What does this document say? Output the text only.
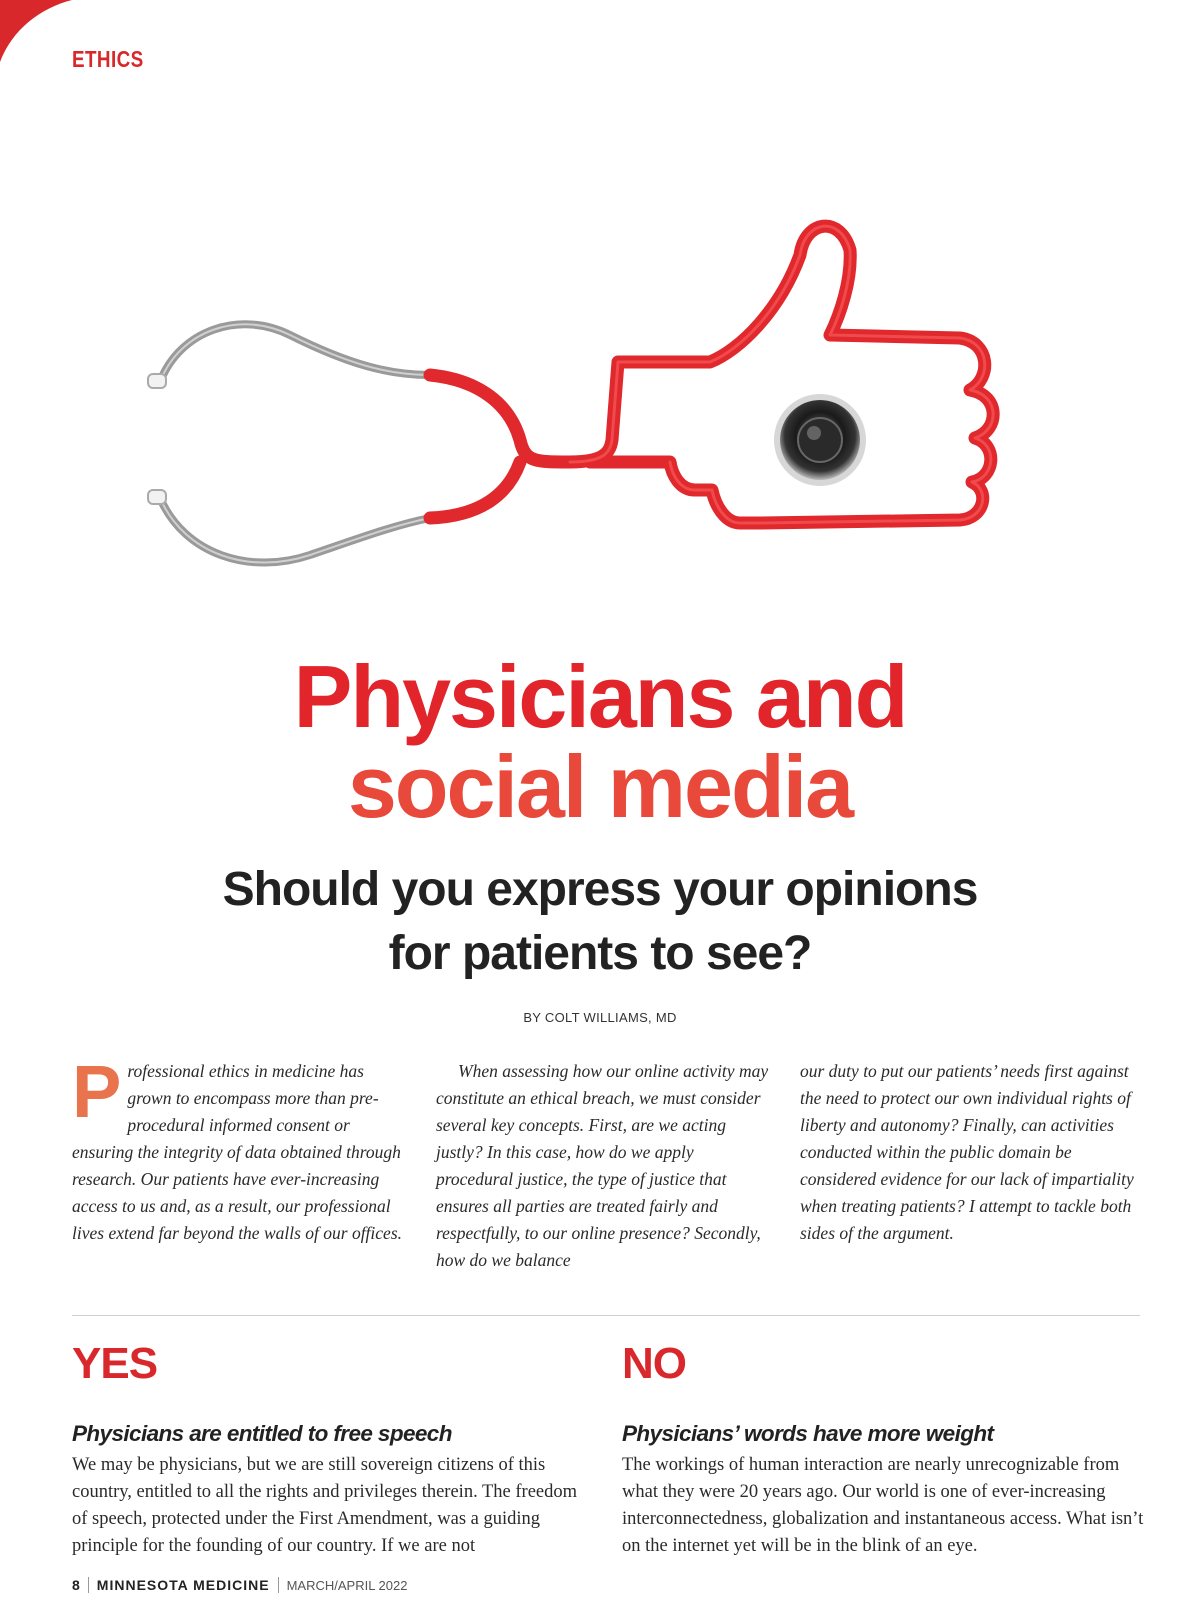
ETHICS
Physicians and
social media
Should you express your opinions
for patients to see?
BY COLT WILLIAMS, MD

Professional ethics in medicine has grown to encompass more than pre-procedural informed consent or ensuring the integrity of data obtained through research. Our patients have ever-increasing access to us and, as a result, our professional lives extend far beyond the walls of our offices.

When assessing how our online activity may constitute an ethical breach, we must consider several key concepts. First, are we acting justly? In this case, how do we apply procedural justice, the type of justice that ensures all parties are treated fairly and respectfully, to our online presence? Secondly, how do we balance

our duty to put our patients’ needs first against the need to protect our own individual rights of liberty and autonomy? Finally, can activities conducted within the public domain be considered evidence for our lack of impartiality when treating patients? I attempt to tackle both sides of the argument.

YES
Physicians are entitled to free speech

We may be physicians, but we are still sovereign citizens of this country, entitled to all the rights and privileges therein. The freedom of speech, protected under the First Amendment, was a guiding principle for the founding of our country. If we are not

NO
Physicians’ words have more weight

The workings of human interaction are nearly unrecognizable from what they were 20 years ago. Our world is one of ever-increasing interconnectedness, globalization and instantaneous access. What isn’t on the internet yet will be in the blink of an eye.

8 MINNESOTA MEDICINE MARCH/APRIL 2022
